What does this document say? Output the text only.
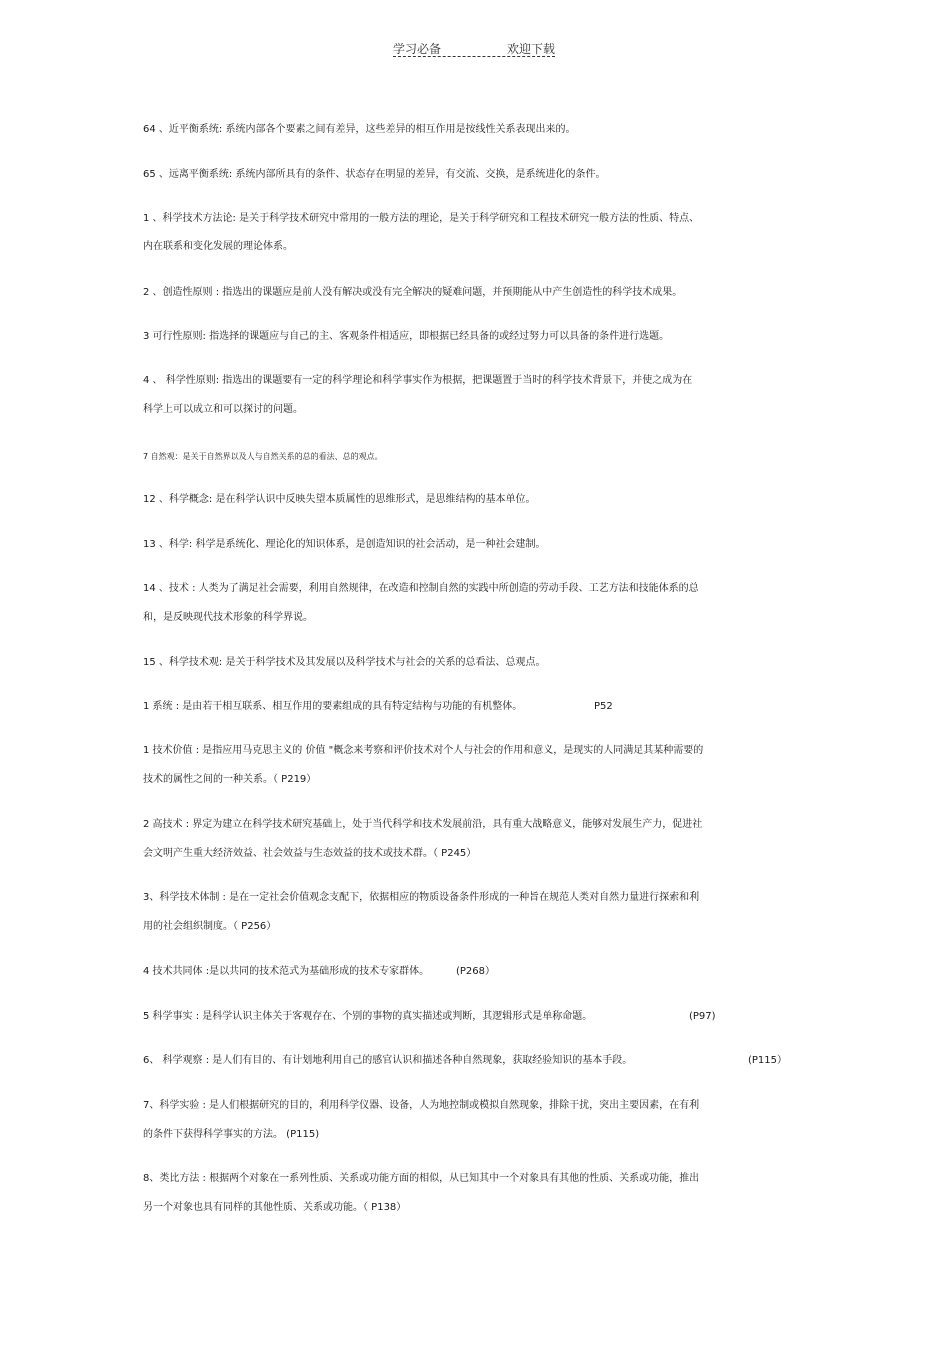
学习必备	欢迎下载
64 、近平衡系统: 系统内部各个要素之间有差异，这些差异的相互作用是按线性关系表现出来的。
65 、远离平衡系统: 系统内部所具有的条件、状态存在明显的差异，有交流、交换，是系统进化的条件。
1 、科学技术方法论: 是关于科学技术研究中常用的一般方法的理论，是关于科学研究和工程技术研究一般方法的性质、特点、
内在联系和变化发展的理论体系。
2 、创造性原则 : 指选出的课题应是前人没有解决或没有完全解决的疑难问题，并预期能从中产生创造性的科学技术成果。
3 可行性原则: 指选择的课题应与自己的主、客观条件相适应，即根据已经具备的或经过努力可以具备的条件进行选题。
4 、 科学性原则: 指选出的课题要有一定的科学理论和科学事实作为根据，把课题置于当时的科学技术背景下，并使之成为在
科学上可以成立和可以探讨的问题。
7 自然观：是关于自然界以及人与自然关系的总的看法、总的观点。
12 、科学概念: 是在科学认识中反映失望本质属性的思维形式，是思维结构的基本单位。
13 、科学: 科学是系统化、理论化的知识体系，是创造知识的社会活动，是一种社会建制。
14 、技术 : 人类为了满足社会需要，利用自然规律，在改造和控制自然的实践中所创造的劳动手段、工艺方法和技能体系的总
和，是反映现代技术形象的科学界说。
15 、科学技术观: 是关于科学技术及其发展以及科学技术与社会的关系的总看法、总观点。
1 系统 : 是由若干相互联系、相互作用的要素组成的具有特定结构与功能的有机整体。	P52
1 技术价值 : 是指应用马克思主义的 价值 "概念来考察和评价技术对个人与社会的作用和意义，是现实的人同满足其某种需要的
技术的属性之间的一种关系。（ P219）
2 高技术 : 界定为建立在科学技术研究基础上，处于当代科学和技术发展前沿，具有重大战略意义，能够对发展生产力，促进社
会文明产生重大经济效益、社会效益与生态效益的技术或技术群。（ P245）
3、科学技术体制 : 是在一定社会价值观念支配下，依据相应的物质设备条件形成的一种旨在规范人类对自然力量进行探索和利
用的社会组织制度。（ P256）
4 技术共同体 :是以共同的技术范式为基础形成的技术专家群体。	(P268）
5 科学事实 : 是科学认识主体关于客观存在、个别的事物的真实描述或判断，其逻辑形式是单称命题。	(P97)
6、 科学观察 : 是人们有目的、有计划地利用自己的感官认识和描述各种自然现象，获取经验知识的基本手段。	(P115）
7、科学实验 : 是人们根据研究的目的，利用科学仪器、设备，人为地控制或模拟自然现象，排除干扰，突出主要因素，在有利
的条件下获得科学事实的方法。 (P115)
8、类比方法 : 根据两个对象在一系列性质、关系或功能方面的相似，从已知其中一个对象具有其他的性质、关系或功能，推出
另一个对象也具有同样的其他性质、关系或功能。（ P138）
